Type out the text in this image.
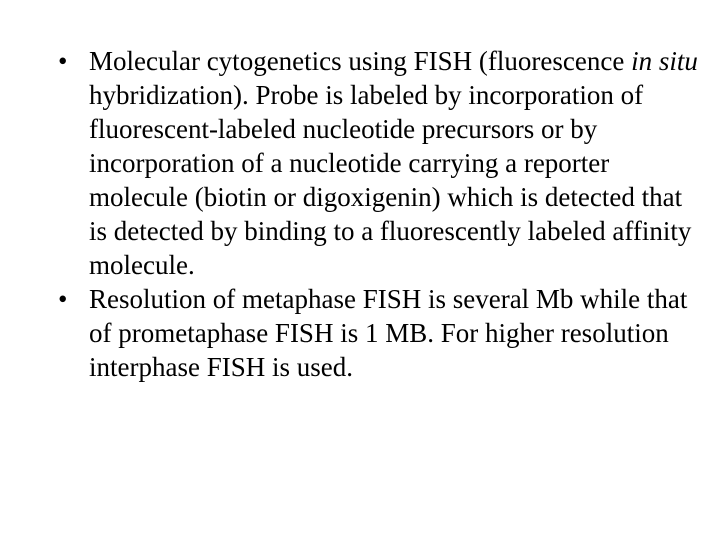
• Molecular cytogenetics using FISH (fluorescence in situ hybridization). Probe is labeled by incorporation of fluorescent-labeled nucleotide precursors or by incorporation of a nucleotide carrying a reporter molecule (biotin or digoxigenin) which is detected that is detected by binding to a fluorescently labeled affinity molecule.
• Resolution of metaphase FISH is several Mb while that of prometaphase FISH is 1 MB. For higher resolution interphase FISH is used.
